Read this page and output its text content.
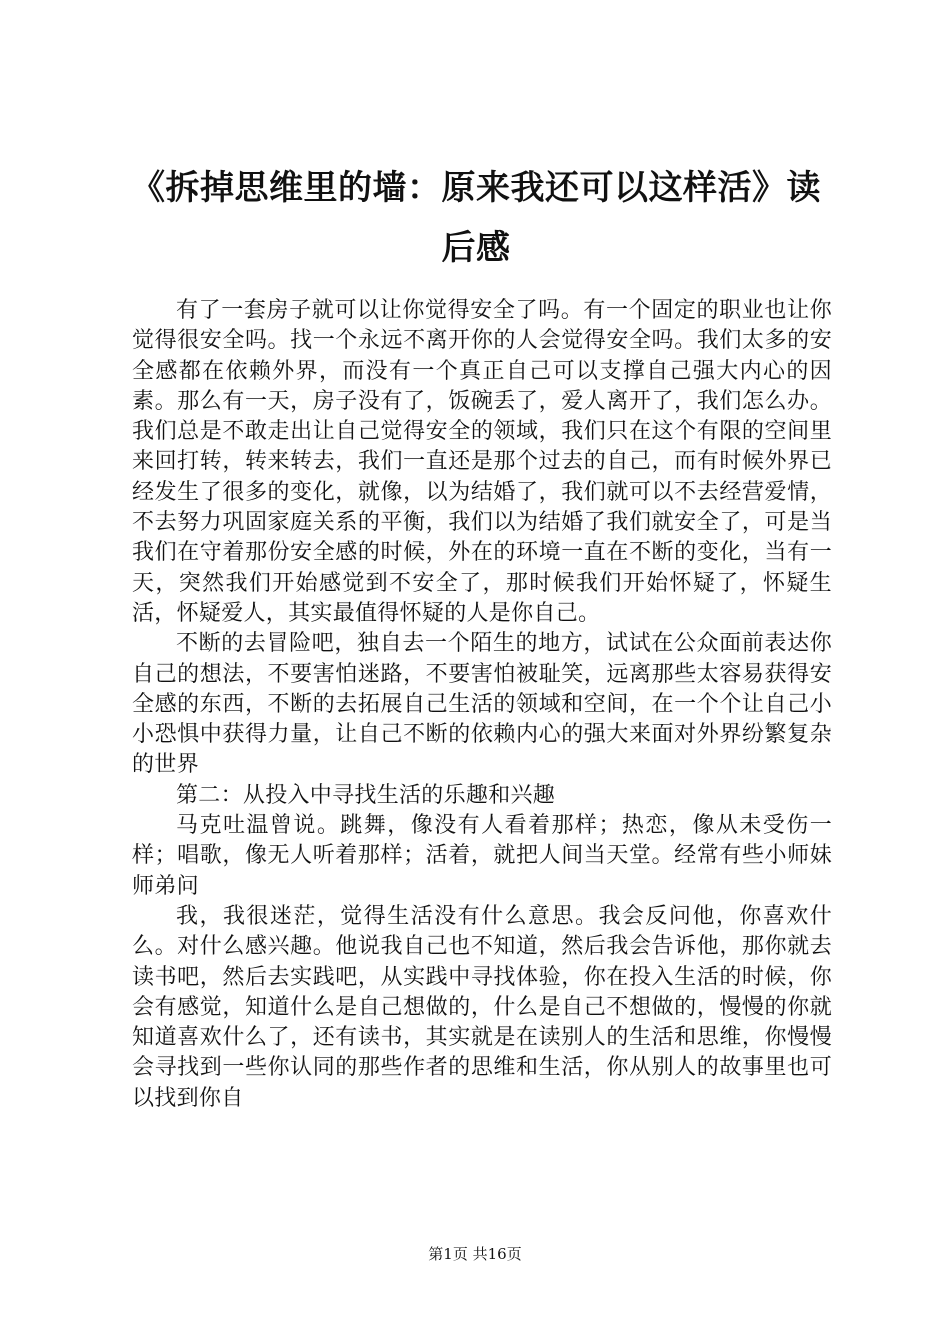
《拆掉思维里的墙：原来我还可以这样活》读后感

有了一套房子就可以让你觉得安全了吗。有一个固定的职业也让你觉得很安全吗。找一个永远不离开你的人会觉得安全吗。我们太多的安全感都在依赖外界，而没有一个真正自己可以支撑自己强大内心的因素。那么有一天，房子没有了，饭碗丢了，爱人离开了，我们怎么办。我们总是不敢走出让自己觉得安全的领域，我们只在这个有限的空间里来回打转，转来转去，我们一直还是那个过去的自己，而有时候外界已经发生了很多的变化，就像，以为结婚了，我们就可以不去经营爱情，不去努力巩固家庭关系的平衡，我们以为结婚了我们就安全了，可是当我们在守着那份安全感的时候，外在的环境一直在不断的变化，当有一天，突然我们开始感觉到不安全了，那时候我们开始怀疑了，怀疑生活，怀疑爱人，其实最值得怀疑的人是你自己。

不断的去冒险吧，独自去一个陌生的地方，试试在公众面前表达你自己的想法，不要害怕迷路，不要害怕被耻笑，远离那些太容易获得安全感的东西，不断的去拓展自己生活的领域和空间，在一个个让自己小小恐惧中获得力量，让自己不断的依赖内心的强大来面对外界纷繁复杂的世界

第二：从投入中寻找生活的乐趣和兴趣

马克吐温曾说。跳舞，像没有人看着那样；热恋，像从未受伤一样；唱歌，像无人听着那样；活着，就把人间当天堂。经常有些小师妹师弟问

我，我很迷茫，觉得生活没有什么意思。我会反问他，你喜欢什么。对什么感兴趣。他说我自己也不知道，然后我会告诉他，那你就去读书吧，然后去实践吧，从实践中寻找体验，你在投入生活的时候，你会有感觉，知道什么是自己想做的，什么是自己不想做的，慢慢的你就知道喜欢什么了，还有读书，其实就是在读别人的生活和思维，你慢慢会寻找到一些你认同的那些作者的思维和生活，你从别人的故事里也可以找到你自

第1页 共16页
